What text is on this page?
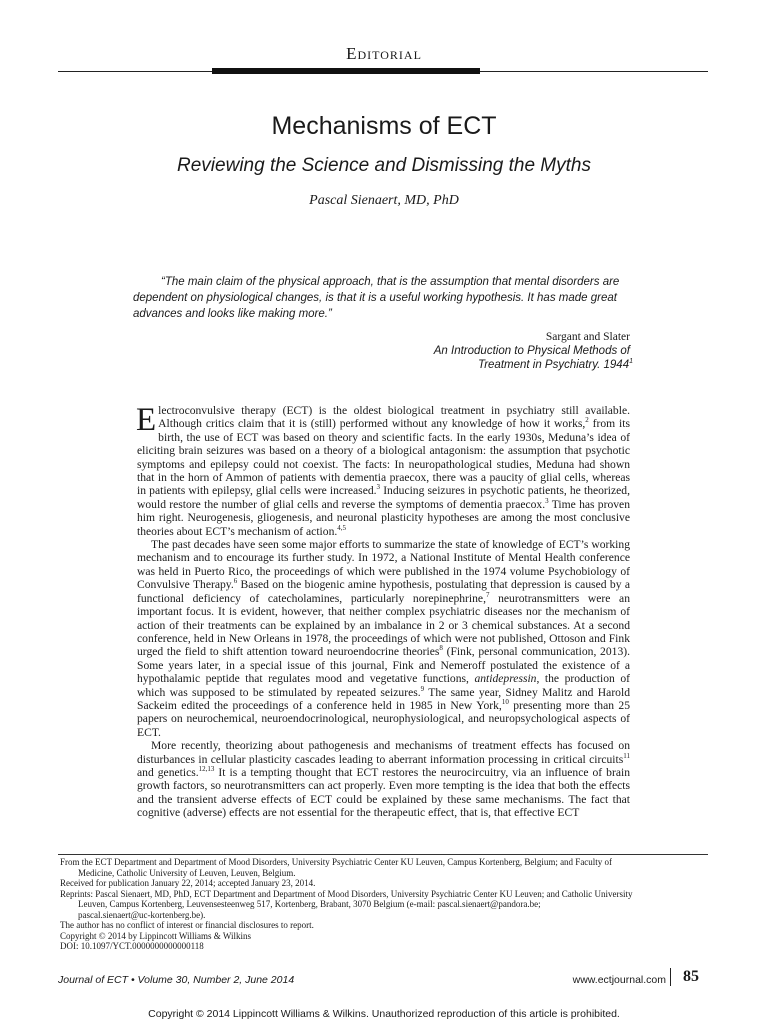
Editorial
Mechanisms of ECT
Reviewing the Science and Dismissing the Myths
Pascal Sienaert, MD, PhD
“The main claim of the physical approach, that is the assumption that mental disorders are dependent on physiological changes, is that it is a useful working hypothesis. It has made great advances and looks like making more.”
Sargant and Slater
An Introduction to Physical Methods of
Treatment in Psychiatry. 1944$^1$

Electroconvulsive therapy (ECT) is the oldest biological treatment in psychiatry still available. Although critics claim that it is (still) performed without any knowledge of how it works,$^2$ from its birth, the use of ECT was based on theory and scientific facts. In the early 1930s, Meduna’s idea of eliciting brain seizures was based on a theory of a biological antagonism: the assumption that psychotic symptoms and epilepsy could not coexist. The facts: In neuropathological studies, Meduna had shown that in the horn of Ammon of patients with dementia praecox, there was a paucity of glial cells, whereas in patients with epilepsy, glial cells were increased.$^3$ Inducing seizures in psychotic patients, he theorized, would restore the number of glial cells and reverse the symptoms of dementia praecox.$^3$ Time has proven him right. Neurogenesis, gliogenesis, and neuronal plasticity hypotheses are among the most conclusive theories about ECT’s mechanism of action.$^{4,5}$

The past decades have seen some major efforts to summarize the state of knowledge of ECT’s working mechanism and to encourage its further study. In 1972, a National Institute of Mental Health conference was held in Puerto Rico, the proceedings of which were published in the 1974 volume Psychobiology of Convulsive Therapy.$^6$ Based on the biogenic amine hypothesis, postulating that depression is caused by a functional deficiency of catecholamines, particularly norepinephrine,$^7$ neurotransmitters were an important focus. It is evident, however, that neither complex psychiatric diseases nor the mechanism of action of their treatments can be explained by an imbalance in 2 or 3 chemical substances. At a second conference, held in New Orleans in 1978, the proceedings of which were not published, Ottoson and Fink urged the field to shift attention toward neuroendocrine theories$^8$ (Fink, personal communication, 2013). Some years later, in a special issue of this journal, Fink and Nemeroff postulated the existence of a hypothalamic peptide that regulates mood and vegetative functions, antidepressin, the production of which was supposed to be stimulated by repeated seizures.$^9$ The same year, Sidney Malitz and Harold Sackeim edited the proceedings of a conference held in 1985 in New York,$^{10}$ presenting more than 25 papers on neurochemical, neuroendocrinological, neurophysiological, and neuropsychological aspects of ECT.

More recently, theorizing about pathogenesis and mechanisms of treatment effects has focused on disturbances in cellular plasticity cascades leading to aberrant information processing in critical circuits$^{11}$ and genetics.$^{12,13}$ It is a tempting thought that ECT restores the neurocircuitry, via an influence of brain growth factors, so neurotransmitters can act properly. Even more tempting is the idea that both the effects and the transient adverse effects of ECT could be explained by these same mechanisms. The fact that cognitive (adverse) effects are not essential for the therapeutic effect, that is, that effective ECT

From the ECT Department and Department of Mood Disorders, University Psychiatric Center KU Leuven, Campus Kortenberg, Belgium; and Faculty of
Medicine, Catholic University of Leuven, Leuven, Belgium.
Received for publication January 22, 2014; accepted January 23, 2014.
Reprints: Pascal Sienaert, MD, PhD, ECT Department and Department of Mood Disorders, University Psychiatric Center KU Leuven; and Catholic University
Leuven, Campus Kortenberg, Leuvensesteenweg 517, Kortenberg, Brabant, 3070 Belgium (e-mail: pascal.sienaert@pandora.be;
pascal.sienaert@uc-kortenberg.be).
The author has no conflict of interest or financial disclosures to report.
Copyright © 2014 by Lippincott Williams & Wilkins
DOI: 10.1097/YCT.0000000000000118
Journal of ECT • Volume 30, Number 2, June 2014	www.ectjournal.com 85
Copyright © 2014 Lippincott Williams & Wilkins. Unauthorized reproduction of this article is prohibited.
